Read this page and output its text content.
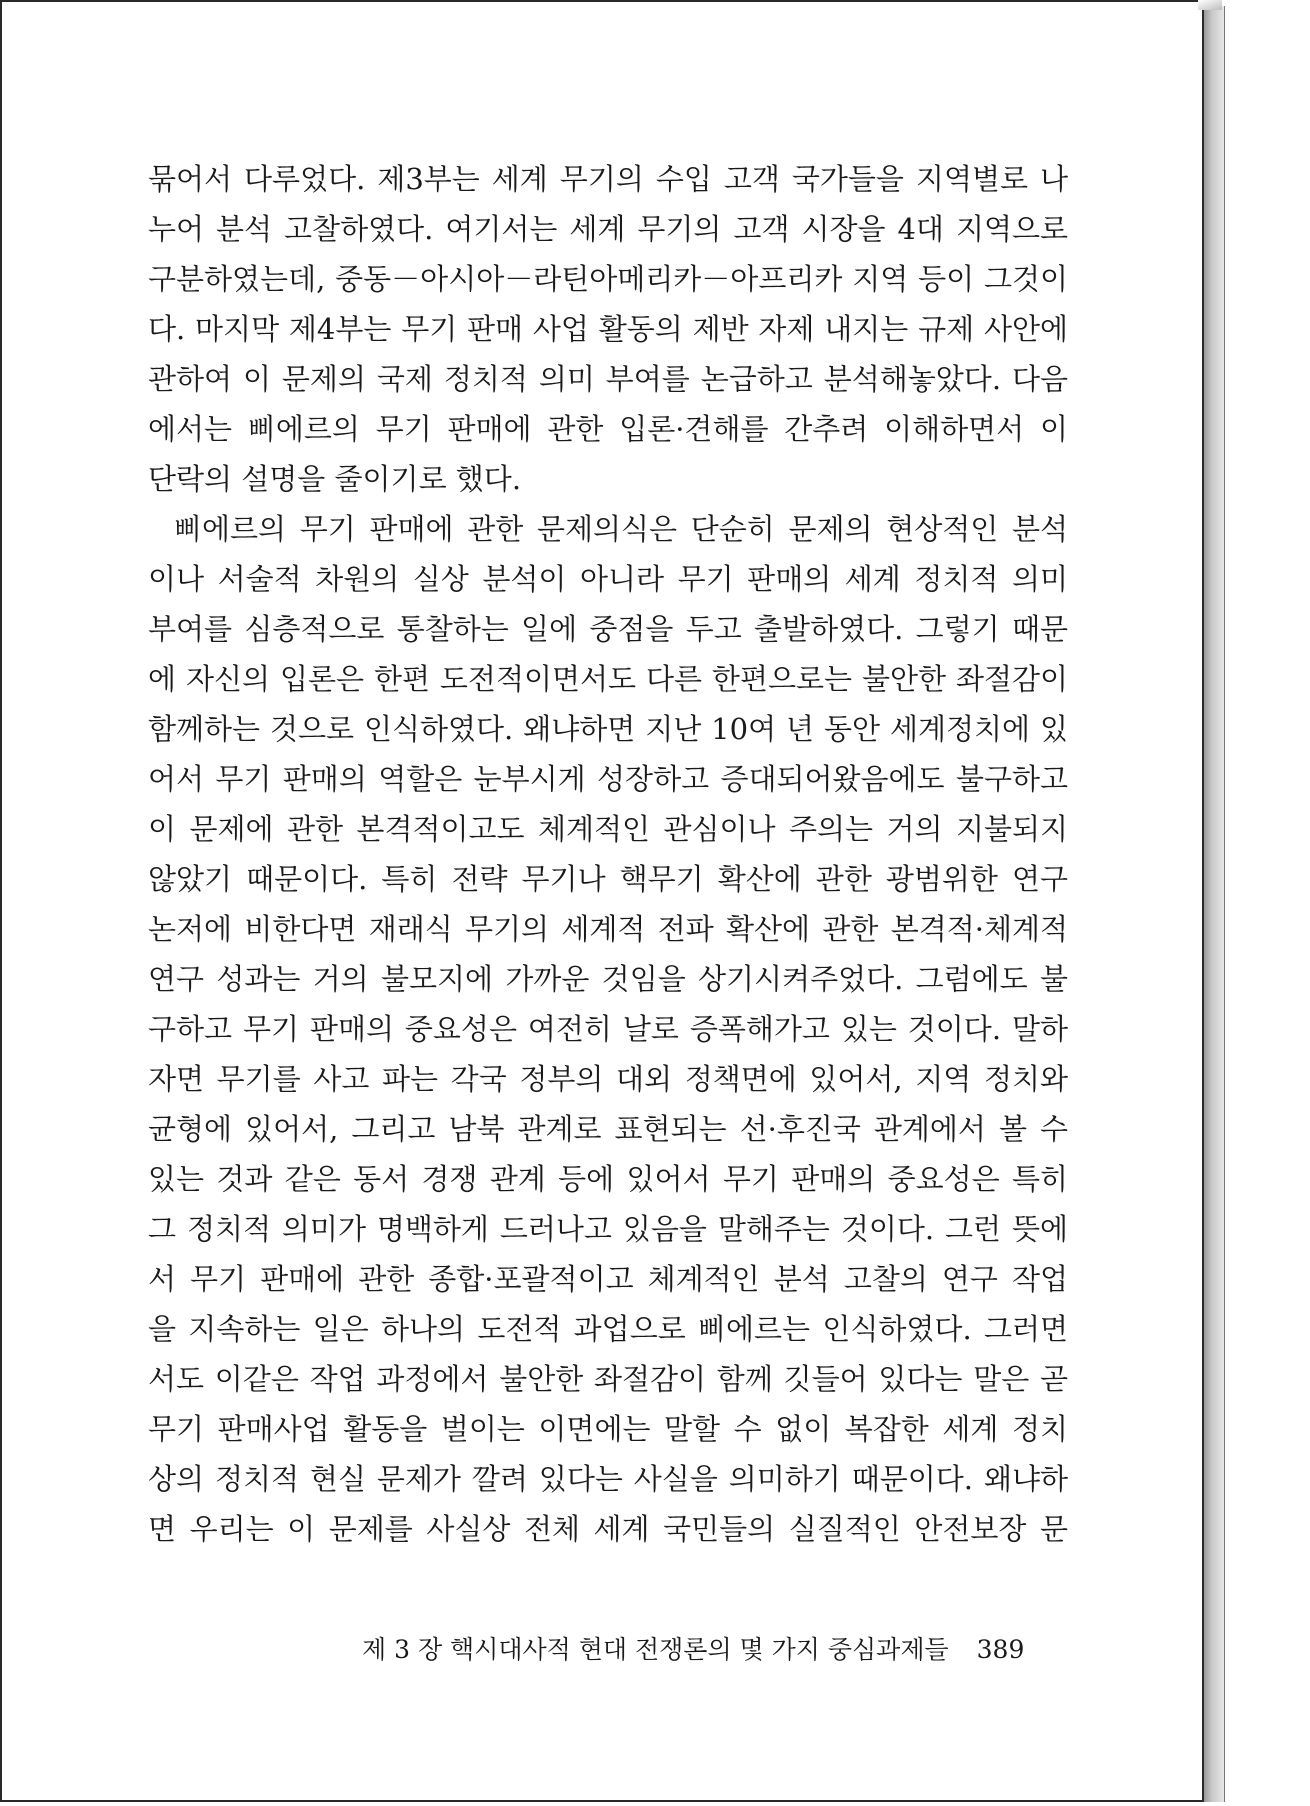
묶어서 다루었다. 제3부는 세계 무기의 수입 고객 국가들을 지역별로 나
누어 분석 고찰하였다. 여기서는 세계 무기의 고객 시장을 4대 지역으로
구분하였는데, 중동－아시아－라틴아메리카－아프리카 지역 등이 그것이
다. 마지막 제4부는 무기 판매 사업 활동의 제반 자제 내지는 규제 사안에
관하여 이 문제의 국제 정치적 의미 부여를 논급하고 분석해놓았다. 다음
에서는 삐에르의 무기 판매에 관한 입론·견해를 간추려 이해하면서 이
단락의 설명을 줄이기로 했다.
삐에르의 무기 판매에 관한 문제의식은 단순히 문제의 현상적인 분석
이나 서술적 차원의 실상 분석이 아니라 무기 판매의 세계 정치적 의미
부여를 심층적으로 통찰하는 일에 중점을 두고 출발하였다. 그렇기 때문
에 자신의 입론은 한편 도전적이면서도 다른 한편으로는 불안한 좌절감이
함께하는 것으로 인식하였다. 왜냐하면 지난 10여 년 동안 세계정치에 있
어서 무기 판매의 역할은 눈부시게 성장하고 증대되어왔음에도 불구하고
이 문제에 관한 본격적이고도 체계적인 관심이나 주의는 거의 지불되지
않았기 때문이다. 특히 전략 무기나 핵무기 확산에 관한 광범위한 연구
논저에 비한다면 재래식 무기의 세계적 전파 확산에 관한 본격적·체계적
연구 성과는 거의 불모지에 가까운 것임을 상기시켜주었다. 그럼에도 불
구하고 무기 판매의 중요성은 여전히 날로 증폭해가고 있는 것이다. 말하
자면 무기를 사고 파는 각국 정부의 대외 정책면에 있어서, 지역 정치와
균형에 있어서, 그리고 남북 관계로 표현되는 선·후진국 관계에서 볼 수
있는 것과 같은 동서 경쟁 관계 등에 있어서 무기 판매의 중요성은 특히
그 정치적 의미가 명백하게 드러나고 있음을 말해주는 것이다. 그런 뜻에
서 무기 판매에 관한 종합·포괄적이고 체계적인 분석 고찰의 연구 작업
을 지속하는 일은 하나의 도전적 과업으로 삐에르는 인식하였다. 그러면
서도 이같은 작업 과정에서 불안한 좌절감이 함께 깃들어 있다는 말은 곧
무기 판매사업 활동을 벌이는 이면에는 말할 수 없이 복잡한 세계 정치
상의 정치적 현실 문제가 깔려 있다는 사실을 의미하기 때문이다. 왜냐하
면 우리는 이 문제를 사실상 전체 세계 국민들의 실질적인 안전보장 문
제 3 장 핵시대사적 현대 전쟁론의 몇 가지 중심과제들 389
